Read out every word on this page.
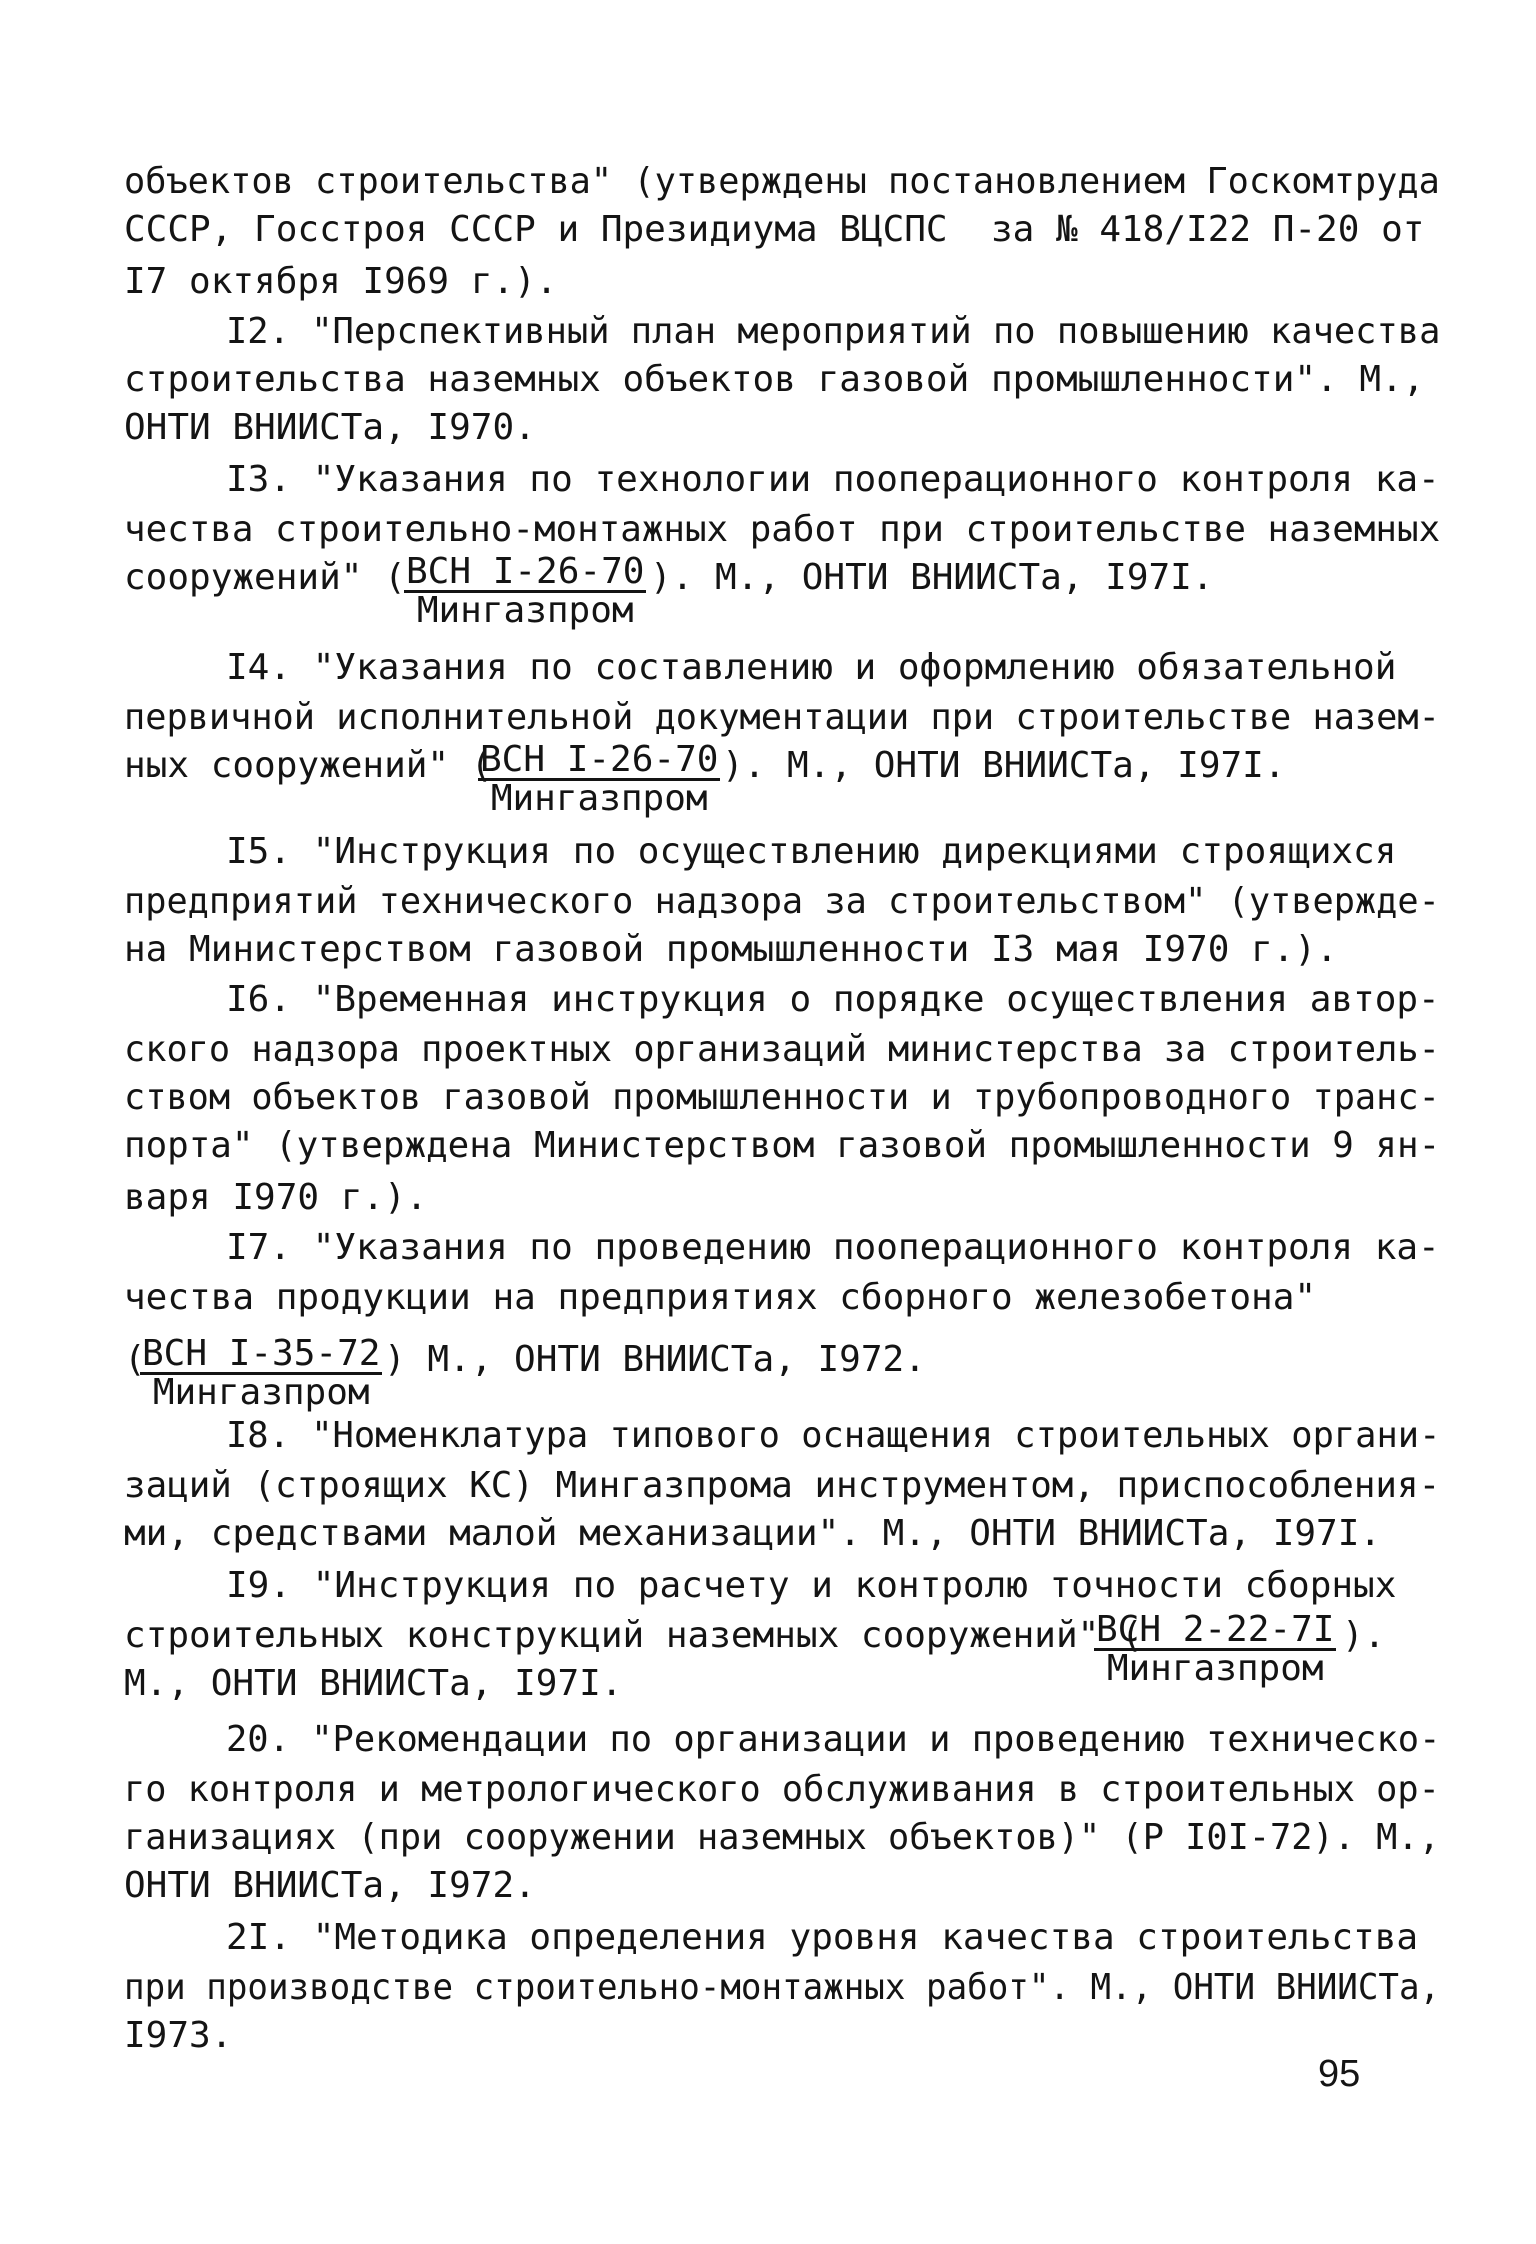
объектов строительства" (утверждены постановлением Госкомтруда
СССР, Госстроя СССР и Президиума ВЦСПС  за № 418/I22 П-20 от
I7 октября I969 г.).
I2. "Перспективный план мероприятий по повышению качества
строительства наземных объектов газовой промышленности". М.,
ОНТИ ВНИИСТа, I970.
I3. "Указания по технологии пооперационного контроля ка-
чества строительно-монтажных работ при строительстве наземных
сооружений" ( ВСН I-26-70
Мингазпром
). М., ОНТИ ВНИИСТа, I97I.
I4. "Указания по составлению и оформлению обязательной
первичной исполнительной документации при строительстве назем-
ных сооружений" (
ВСН I-26-70
Мингазпром
). М., ОНТИ ВНИИСТа, I97I.
I5. "Инструкция по осуществлению дирекциями строящихся
предприятий технического надзора за строительством" (утвержде-
на Министерством газовой промышленности I3 мая I970 г.).
I6. "Временная инструкция о порядке осуществления автор-
ского надзора проектных организаций министерства за строитель-
ством объектов газовой промышленности и трубопроводного транс-
порта" (утверждена Министерством газовой промышленности 9 ян-
варя I970 г.).
I7. "Указания по проведению пооперационного контроля ка-
чества продукции на предприятиях сборного железобетона"
(
ВСН I-35-72
Мингазпром
) М., ОНТИ ВНИИСТа, I972.
I8. "Номенклатура типового оснащения строительных органи-
заций (строящих КС) Мингазпрома инструментом, приспособления-
ми, средствами малой механизации". М., ОНТИ ВНИИСТа, I97I.
I9. "Инструкция по расчету и контролю точности сборных
строительных конструкций наземных сооружений" (
ВСН 2-22-7I
Мингазпром
).
М., ОНТИ ВНИИСТа, I97I.
20. "Рекомендации по организации и проведению техническо-
го контроля и метрологического обслуживания в строительных ор-
ганизациях (при сооружении наземных объектов)" (Р I0I-72). М.,
ОНТИ ВНИИСТа, I972.
2I. "Методика определения уровня качества строительства
при производстве строительно-монтажных работ". М., ОНТИ ВНИИСТа,
I973.
95
